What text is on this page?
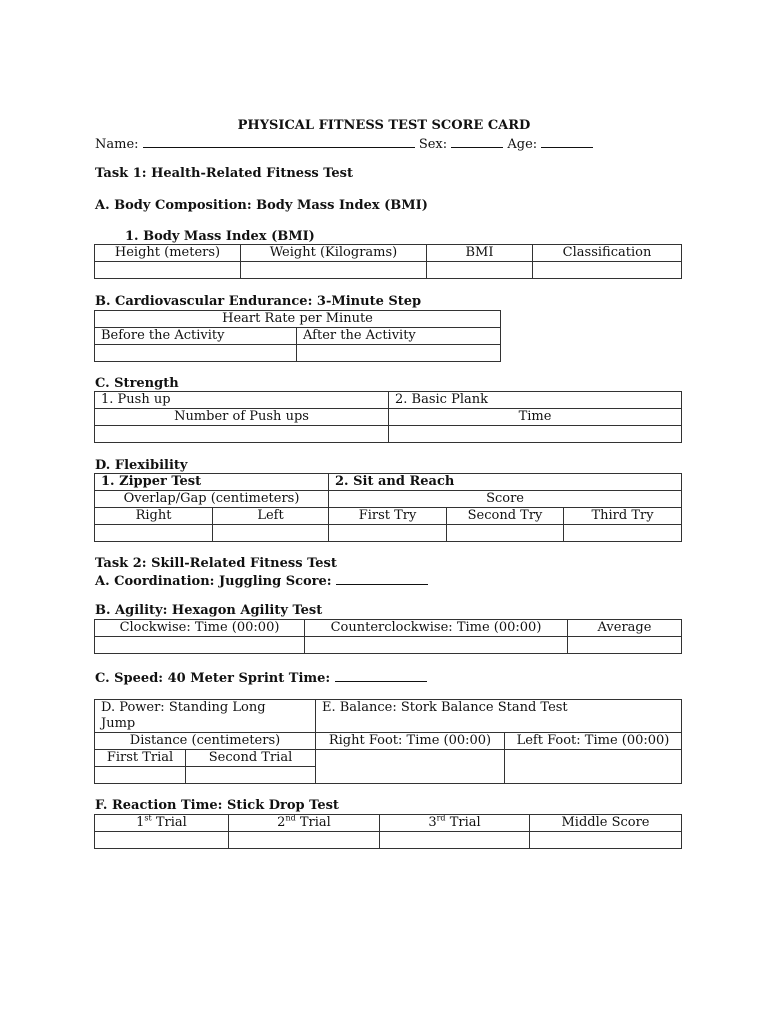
PHYSICAL FITNESS TEST SCORE CARD
Name:	Sex:	Age:
Task 1: Health-Related Fitness Test
A. Body Composition: Body Mass Index (BMI)
1. Body Mass Index (BMI)
Height (meters)	Weight (Kilograms)	BMI	Classification

B. Cardiovascular Endurance: 3-Minute Step
Heart Rate per Minute	
Before the Activity	After the Activity

C. Strength
1. Push up	2. Basic Plank
Number of Push ups	Time

D. Flexibility
1. Zipper Test		2. Sit and Reach		
Overlap/Gap (centimeters)		Score		
Right	Left	First Try	Second Try	Third Try

Task 2: Skill-Related Fitness Test
A. Coordination: Juggling Score:
B. Agility: Hexagon Agility Test
Clockwise: Time (00:00)	Counterclockwise: Time (00:00)	Average

C. Speed: 40 Meter Sprint Time:
D. Power: Standing Long
Jump		E. Balance: Stork Balance Stand Test	
Distance (centimeters)		Right Foot: Time (00:00)	Left Foot: Time (00:00)
First Trial	Second Trial		

F. Reaction Time: Stick Drop Test
1st Trial	2nd Trial	3rd Trial	Middle Score
